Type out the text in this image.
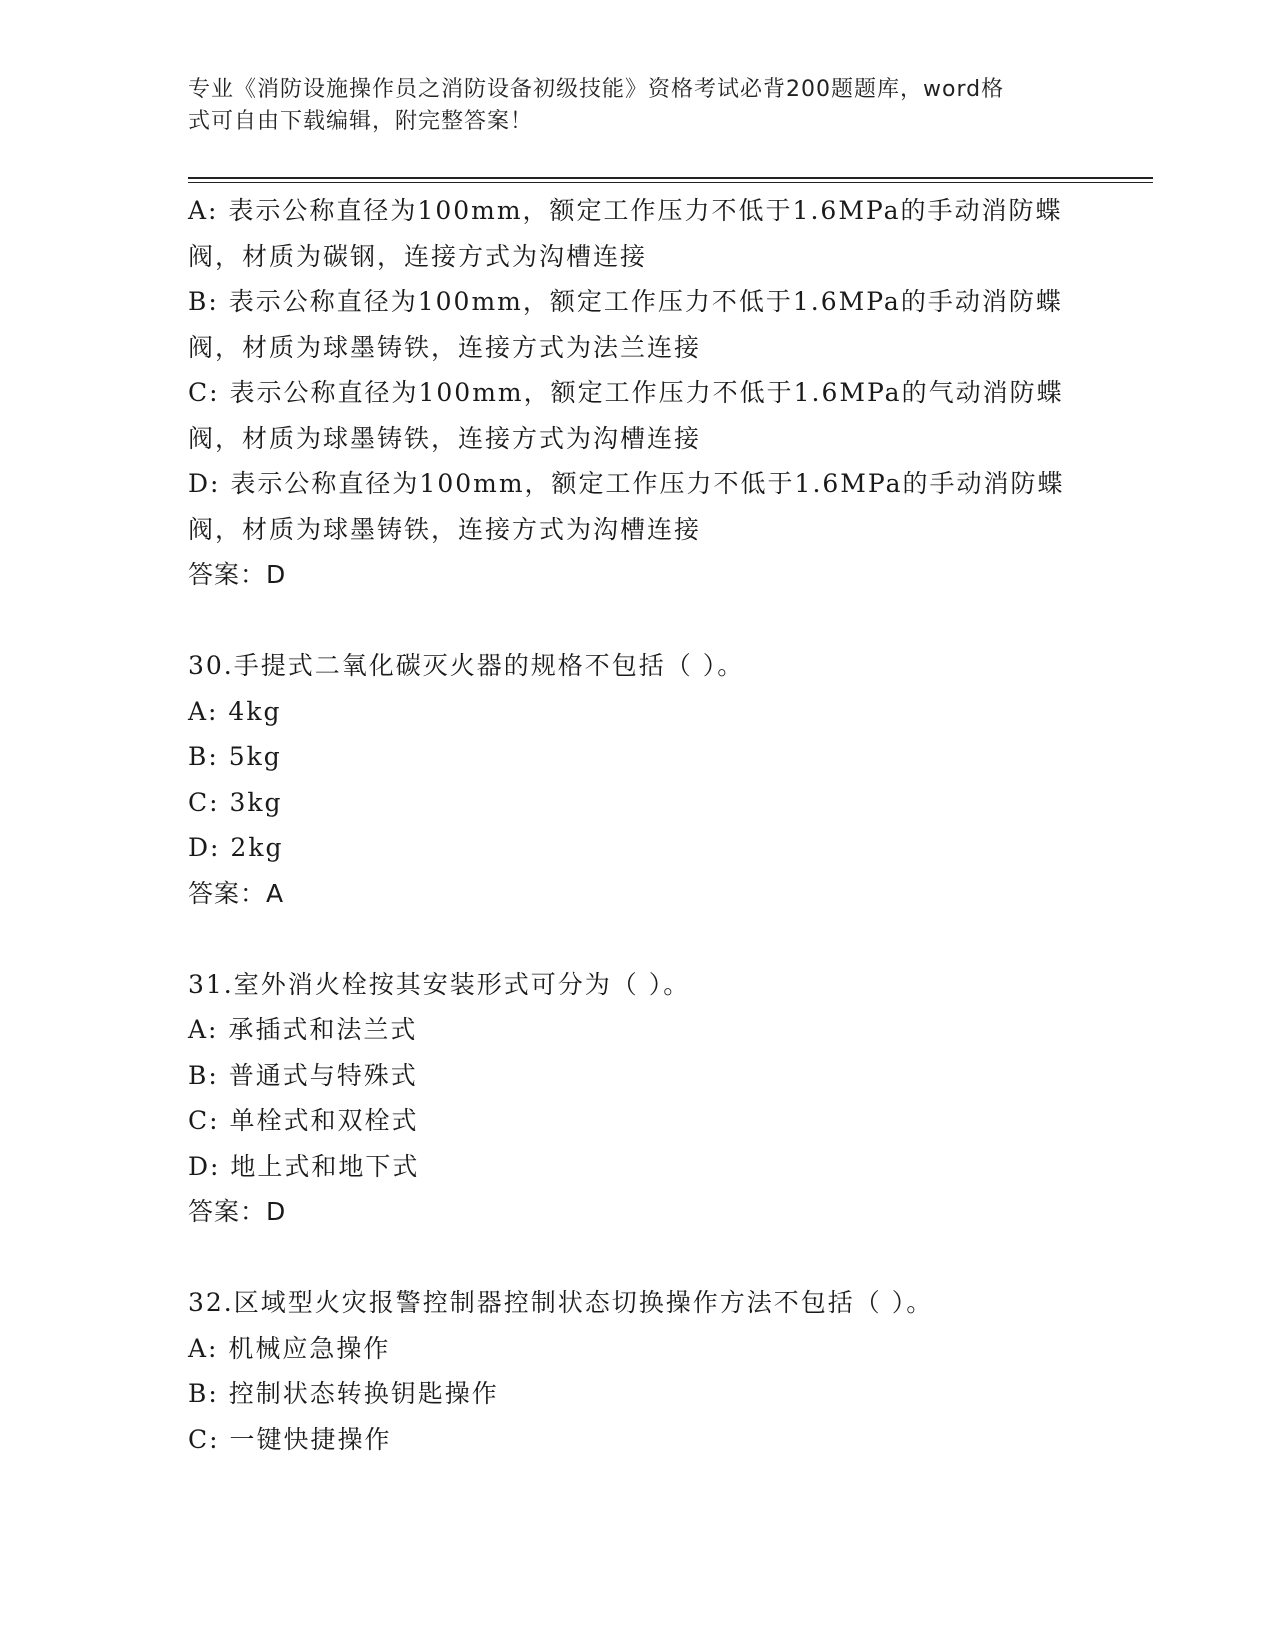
专业《消防设施操作员之消防设备初级技能》资格考试必背200题题库，word格
式可自由下载编辑，附完整答案！
A: 表示公称直径为100mm，额定工作压力不低于1.6MPa的手动消防蝶
阀，材质为碳钢，连接方式为沟槽连接
B: 表示公称直径为100mm，额定工作压力不低于1.6MPa的手动消防蝶
阀，材质为球墨铸铁，连接方式为法兰连接
C: 表示公称直径为100mm，额定工作压力不低于1.6MPa的气动消防蝶
阀，材质为球墨铸铁，连接方式为沟槽连接
D: 表示公称直径为100mm，额定工作压力不低于1.6MPa的手动消防蝶
阀，材质为球墨铸铁，连接方式为沟槽连接
答案：D
30.手提式二氧化碳灭火器的规格不包括（ ）。
A: 4kg
B: 5kg
C: 3kg
D: 2kg
答案：A
31.室外消火栓按其安装形式可分为（ ）。
A: 承插式和法兰式
B: 普通式与特殊式
C: 单栓式和双栓式
D: 地上式和地下式
答案：D
32.区域型火灾报警控制器控制状态切换操作方法不包括（ ）。
A: 机械应急操作
B: 控制状态转换钥匙操作
C: 一键快捷操作
